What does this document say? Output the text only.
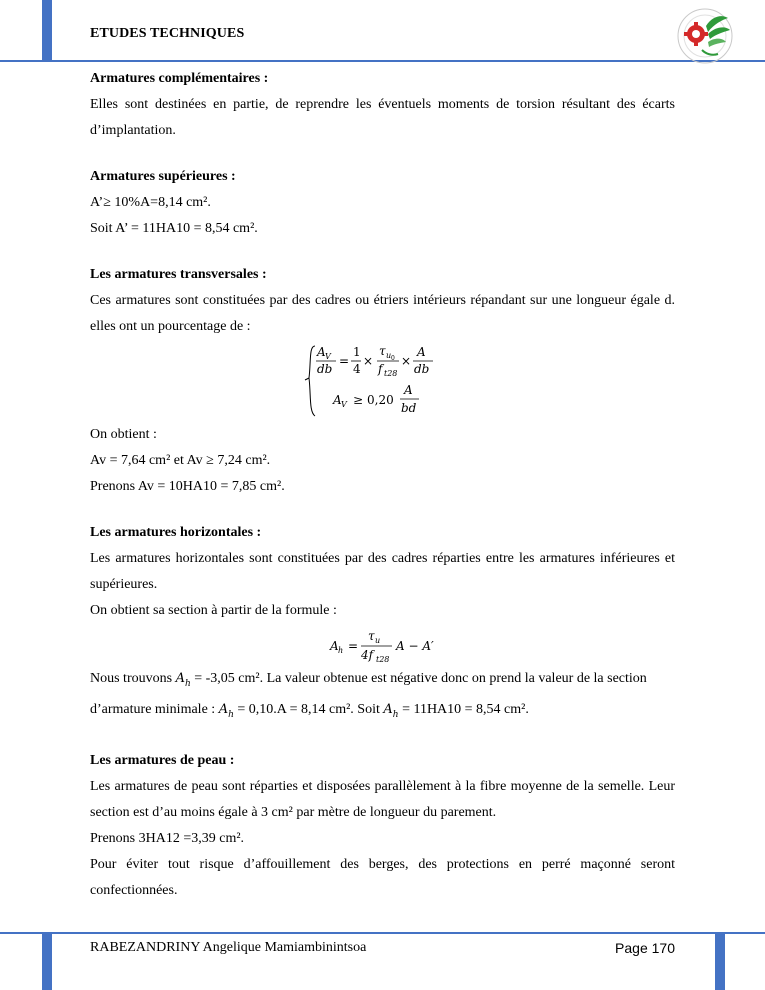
ETUDES TECHNIQUES

Armatures complémentaires :

Elles sont destinées en partie, de reprendre les éventuels moments de torsion résultant des écarts d’implantation.

Armatures supérieures :

A’≥ 10%A=8,14 cm².

Soit A’ = 11HA10 = 8,54 cm².

Les armatures transversales :

Ces armatures sont constituées par des cadres ou étriers intérieurs répandant sur une longueur égale d. elles ont un pourcentage de :

A V
db
=
1
4
×
τ u 0
f t28
×
A
db
A V ≥ 0,20
A
bd

On obtient :

Av = 7,64 cm² et Av ≥ 7,24 cm².

Prenons Av = 10HA10 = 7,85 cm².

Les armatures horizontales :

Les armatures horizontales sont constituées par des cadres réparties entre les armatures inférieures et supérieures.

On obtient sa section à partir de la formule :

A h =
τ u
4f t28
A − A′

Nous trouvons $A_h = -3,05$ cm². La valeur obtenue est négative donc on prend la valeur de la section

d’armature minimale : $A_h = 0,10.A = 8,14$ cm². Soit $A_h = 11HA10 = 8,54$ cm².

Les armatures de peau :

Les armatures de peau sont réparties et disposées parallèlement à la fibre moyenne de la semelle. Leur section est d’au moins égale à 3 cm² par mètre de longueur du parement.

Prenons 3HA12 =3,39 cm².

Pour éviter tout risque d’affouillement des berges, des protections en perré maçonné seront confectionnées.

RABEZANDRINY Angelique Mamiambinintsoa	Page 170
